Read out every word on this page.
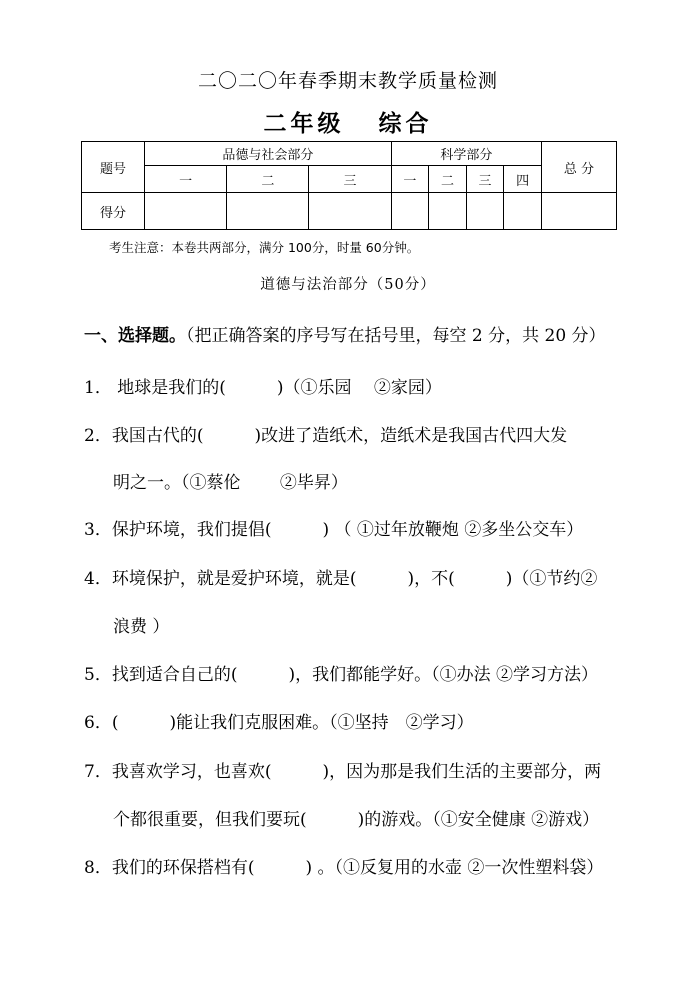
二〇二〇年春季期末教学质量检测
二年级 综合
题号	品德与社会部分			科学部分				总 分
	一	二	三	一	二	三	四	
得分								
考生注意：本卷共两部分，满分 100分，时量 60分钟。
道德与法治部分（50分）
一、选择题。（把正确答案的序号写在括号里，每空 2 分，共 20 分）
1． 地球是我们的(　　　)（①乐园　 ②家园）
2．我国古代的(　　　)改进了造纸术，造纸术是我国古代四大发
明之一。（①蔡伦　　 ②毕昇）
3．保护环境，我们提倡(　　　) （ ①过年放鞭炮 ②多坐公交车）
4．环境保护，就是爱护环境，就是(　　　)，不(　　　)（①节约②
浪费 ）
5．找到适合自己的(　　　)，我们都能学好。（①办法 ②学习方法）
6．(　　　)能让我们克服困难。（①坚持　②学习）
7．我喜欢学习，也喜欢(　　　)，因为那是我们生活的主要部分，两
个都很重要，但我们要玩(　　　)的游戏。（①安全健康 ②游戏）
8．我们的环保搭档有(　　　) 。（①反复用的水壶 ②一次性塑料袋）
